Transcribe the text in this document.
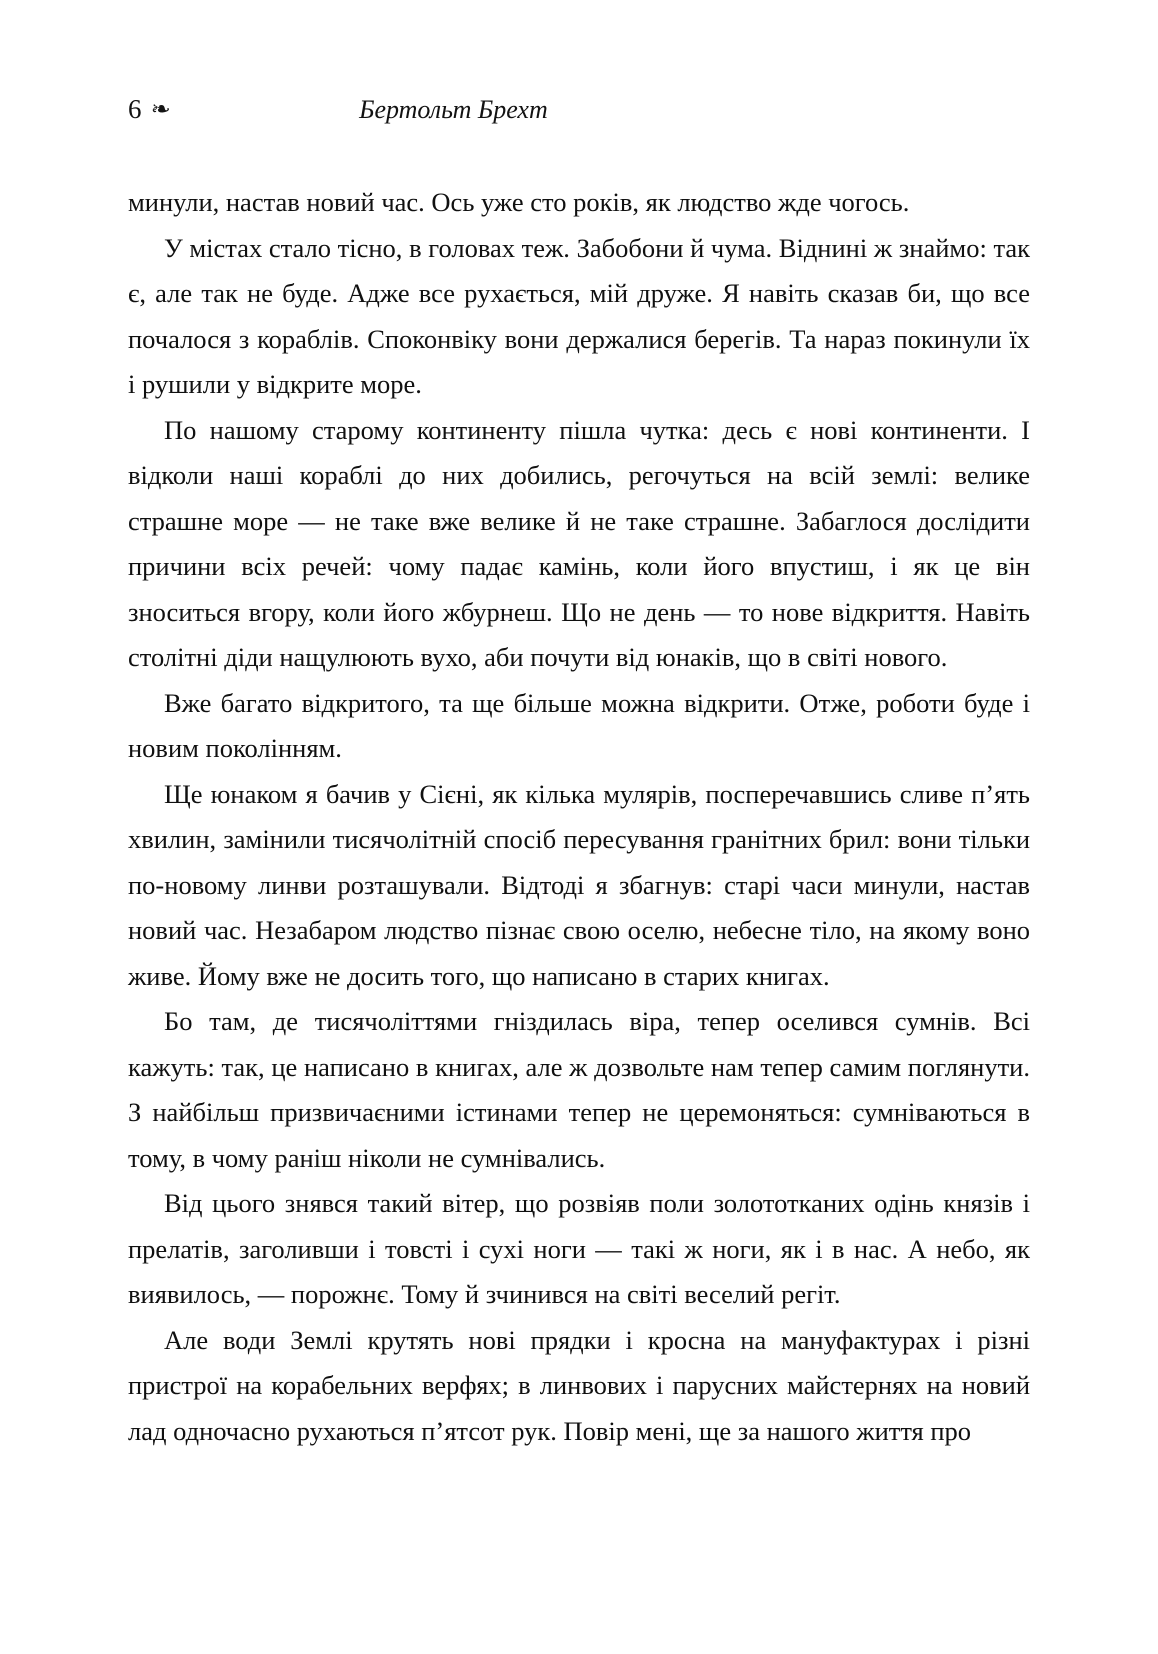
6 ❧	Бертольт Брехт

минули, настав новий час. Ось уже сто років, як людство жде чогось.

У містах стало тісно, в головах теж. Забобони й чума. Віднині ж знаймо: так є, але так не буде. Адже все рухається, мій друже. Я навіть сказав би, що все почалося з кораблів. Споконвіку вони держалися берегів. Та нараз покинули їх і рушили у відкрите море.

По нашому старому континенту пішла чутка: десь є нові континенти. І відколи наші кораблі до них добились, регочуться на всій землі: велике страшне море — не таке вже велике й не таке страшне. Забаглося дослідити причини всіх речей: чому падає камінь, коли його впустиш, і як це він зноситься вгору, коли його жбурнеш. Що не день — то нове відкриття. Навіть столітні діди нащулюють вухо, аби почути від юнаків, що в світі нового.

Вже багато відкритого, та ще більше можна відкрити. Отже, роботи буде і новим поколінням.

Ще юнаком я бачив у Сієні, як кілька мулярів, посперечавшись сливе п’ять хвилин, замінили тисячолітній спосіб пересування гранітних брил: вони тільки по-новому линви розташували. Відтоді я збагнув: старі часи минули, настав новий час. Незабаром людство пізнає свою оселю, небесне тіло, на якому воно живе. Йому вже не досить того, що написано в старих книгах.

Бо там, де тисячоліттями гніздилась віра, тепер оселився сумнів. Всі кажуть: так, це написано в книгах, але ж дозвольте нам тепер самим поглянути. З найбільш призвичаєними істинами тепер не церемоняться: сумніваються в тому, в чому раніш ніколи не сумнівались.

Від цього знявся такий вітер, що розвіяв поли золототканих одінь князів і прелатів, заголивши і товсті і сухі ноги — такі ж ноги, як і в нас. А небо, як виявилось, — порожнє. Тому й зчинився на світі веселий регіт.

Але води Землі крутять нові прядки і кросна на мануфактурах і різні пристрої на корабельних верфях; в линвових і парусних майстернях на новий лад одночасно рухаються п’ятсот рук. Повір мені, ще за нашого життя про
